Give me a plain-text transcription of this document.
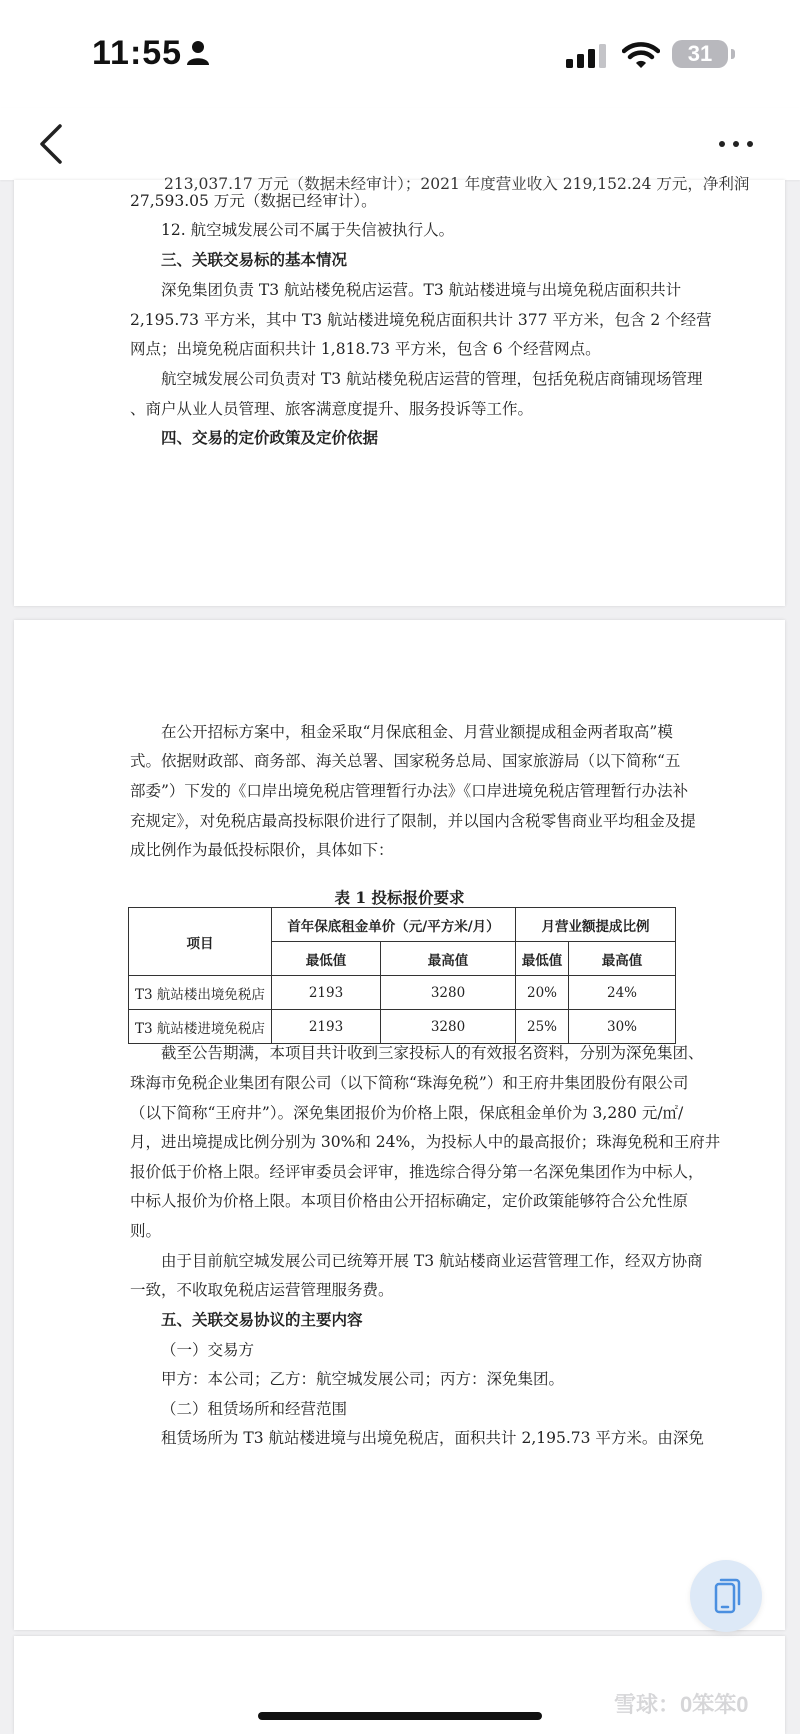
11:55	31
213,037.17 万元（数据未经审计）；2021 年度营业收入 219,152.24 万元，净利润
27,593.05 万元（数据已经审计）。
12. 航空城发展公司不属于失信被执行人。
三、关联交易标的基本情况
深免集团负责 T3 航站楼免税店运营。T3 航站楼进境与出境免税店面积共计
2,195.73 平方米，其中 T3 航站楼进境免税店面积共计 377 平方米，包含 2 个经营
网点；出境免税店面积共计 1,818.73 平方米，包含 6 个经营网点。
航空城发展公司负责对 T3 航站楼免税店运营的管理，包括免税店商铺现场管理
、商户从业人员管理、旅客满意度提升、服务投诉等工作。
四、交易的定价政策及定价依据
在公开招标方案中，租金采取“月保底租金、月营业额提成租金两者取高”模
式。依据财政部、商务部、海关总署、国家税务总局、国家旅游局（以下简称“五
部委”）下发的《口岸出境免税店管理暂行办法》《口岸进境免税店管理暂行办法补
充规定》，对免税店最高投标限价进行了限制，并以国内含税零售商业平均租金及提
成比例作为最低投标限价，具体如下：
表 1 投标报价要求
项目	首年保底租金单价（元/平方米/月）		月营业额提成比例	
	最低值	最高值	最低值	最高值
T3 航站楼出境免税店	2193	3280	20%	24%
T3 航站楼进境免税店	2193	3280	25%	30%
截至公告期满，本项目共计收到三家投标人的有效报名资料，分别为深免集团、
珠海市免税企业集团有限公司（以下简称“珠海免税”）和王府井集团股份有限公司
（以下简称“王府井”）。深免集团报价为价格上限，保底租金单价为 3,280 元/㎡/
月，进出境提成比例分别为 30%和 24%，为投标人中的最高报价；珠海免税和王府井
报价低于价格上限。经评审委员会评审，推选综合得分第一名深免集团作为中标人，
中标人报价为价格上限。本项目价格由公开招标确定，定价政策能够符合公允性原
则。
由于目前航空城发展公司已统筹开展 T3 航站楼商业运营管理工作，经双方协商
一致，不收取免税店运营管理服务费。
五、关联交易协议的主要内容
（一）交易方
甲方：本公司；乙方：航空城发展公司；丙方：深免集团。
（二）租赁场所和经营范围
租赁场所为 T3 航站楼进境与出境免税店，面积共计 2,195.73 平方米。由深免
雪球：0笨笨0
